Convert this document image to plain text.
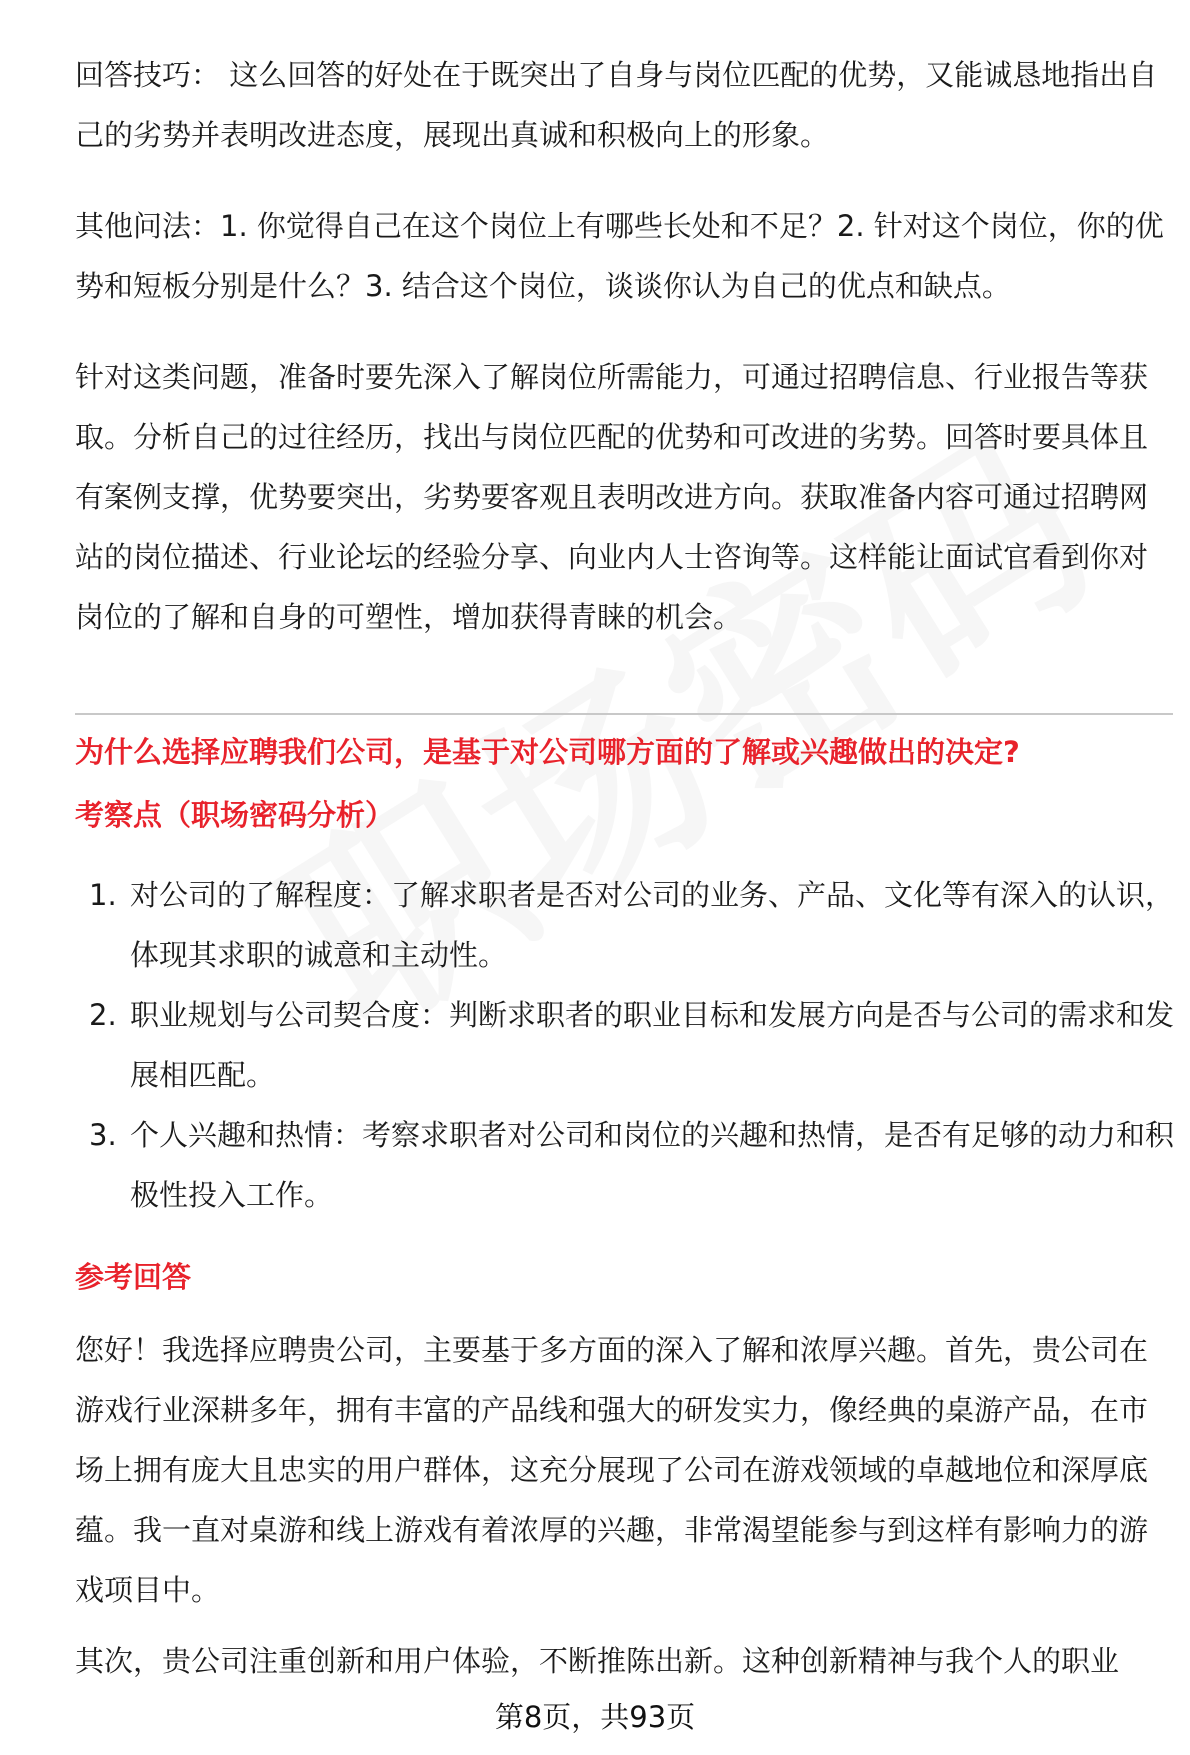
回答技巧： 这么回答的好处在于既突出了自身与岗位匹配的优势，又能诚恳地指出自己的劣势并表明改进态度，展现出真诚和积极向上的形象。

其他问法：1. 你觉得自己在这个岗位上有哪些长处和不足？2. 针对这个岗位，你的优势和短板分别是什么？3. 结合这个岗位，谈谈你认为自己的优点和缺点。

针对这类问题，准备时要先深入了解岗位所需能力，可通过招聘信息、行业报告等获取。分析自己的过往经历，找出与岗位匹配的优势和可改进的劣势。回答时要具体且有案例支撑，优势要突出，劣势要客观且表明改进方向。获取准备内容可通过招聘网站的岗位描述、行业论坛的经验分享、向业内人士咨询等。这样能让面试官看到你对岗位的了解和自身的可塑性，增加获得青睐的机会。

为什么选择应聘我们公司，是基于对公司哪方面的了解或兴趣做出的决定?

考察点（职场密码分析）

1. 对公司的了解程度：了解求职者是否对公司的业务、产品、文化等有深入的认识，体现其求职的诚意和主动性。
2. 职业规划与公司契合度：判断求职者的职业目标和发展方向是否与公司的需求和发展相匹配。
3. 个人兴趣和热情：考察求职者对公司和岗位的兴趣和热情，是否有足够的动力和积极性投入工作。

参考回答

您好！我选择应聘贵公司，主要基于多方面的深入了解和浓厚兴趣。首先，贵公司在游戏行业深耕多年，拥有丰富的产品线和强大的研发实力，像经典的桌游产品，在市场上拥有庞大且忠实的用户群体，这充分展现了公司在游戏领域的卓越地位和深厚底蕴。我一直对桌游和线上游戏有着浓厚的兴趣，非常渴望能参与到这样有影响力的游戏项目中。

其次，贵公司注重创新和用户体验，不断推陈出新。这种创新精神与我个人的职业

第8页，共93页
